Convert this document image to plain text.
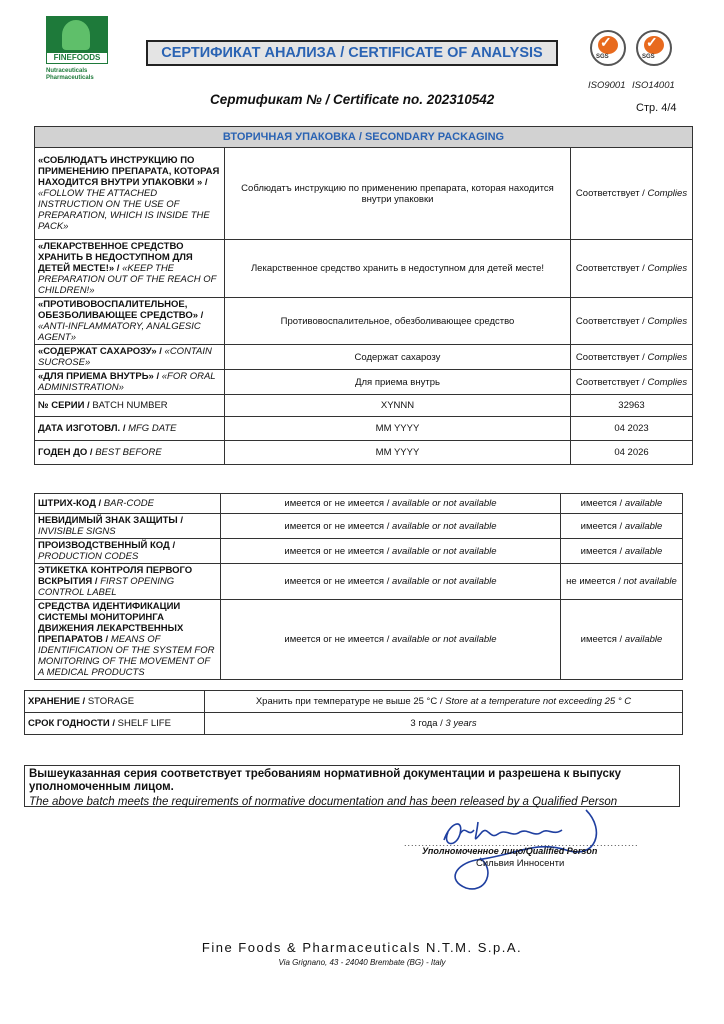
FINEFOODS
Nutraceuticals
Pharmaceuticals
СЕРТИФИКАТ АНАЛИЗА / CERTIFICATE OF ANALYSIS
✓
SGS
✓
SGS
ISO9001 ISO14001
Сертификат № / Certificate no. 202310542
Стр. 4/4
ВТОРИЧНАЯ УПАКОВКА / SECONDARY PACKAGING		
«СОБЛЮДАТЪ ИНСТРУКЦИЮ ПО ПРИМЕНЕНИЮ ПРЕПАРАТА, КОТОРАЯ НАХОДИТСЯ ВНУТРИ УПАКОВКИ » / «FOLLOW THE ATTACHED INSTRUCTION ON THE USE OF PREPARATION, WHICH IS INSIDE THE PACK»	Соблюдатъ инструкцию по применению препарата, которая находится внутри упаковки	Соответствует / Complies
«ЛЕКАРСТВЕННОЕ СРЕДСТВО ХРАНИТЬ В НЕДОСТУПНОМ ДЛЯ ДЕТЕЙ МЕСТЕ!» / «KEEP THE PREPARATION OUT OF THE REACH OF CHILDREN!»	Лекарственное средство хранить в недоступном для детей месте!	Соответствует / Complies
«ПРОТИВОВОСПАЛИТЕЛЬНОЕ, ОБЕЗБОЛИВАЮЩЕЕ СРЕДСТВО» / «ANTI-INFLAMMATORY, ANALGESIC AGENT»	Противовоспалительное, обезболивающее средство	Соответствует / Complies
«СОДЕРЖАТ САХАРОЗУ» / «CONTAIN SUCROSE»	Содержат сахарозу	Соответствует / Complies
«ДЛЯ ПРИЕМА ВНУТРЬ» / «FOR ORAL ADMINISTRATION»	Для приема внутрь	Соответствует / Complies
№ СЕРИИ / BATCH NUMBER	XYNNN	32963
ДАТА ИЗГОТОВЛ. / MFG DATE	MM YYYY	04 2023
ГОДЕН ДО / BEST BEFORE	MM YYYY	04 2026
ШТРИХ-КОД / BAR-CODE	имеется ог не имеется / available or not available	имеется / available
НЕВИДИМЫЙ ЗНАК ЗАЩИТЫ / INVISIBLE SIGNS	имеется ог не имеется / available or not available	имеется / available
ПРОИЗВОДСТВЕННЫЙ КОД / PRODUCTION CODES	имеется ог не имеется / available or not available	имеется / available
ЭТИКЕТКА КОНТРОЛЯ ПЕРВОГО ВСКРЫТИЯ / FIRST OPENING CONTROL LABEL	имеется ог не имеется / available or not available	не имеется / not available
СРЕДСТВА ИДЕНТИФИКАЦИИ СИСТЕМЫ МОНИТОРИНГА ДВИЖЕНИЯ ЛЕКАРСТВЕННЫХ ПРЕПАРАТОВ / MEANS OF IDENTIFICATION OF THE SYSTEM FOR MONITORING OF THE MOVEMENT OF A MEDICAL PRODUCTS	имеется ог не имеется / available or not available	имеется / available
ХРАНЕНИЕ / STORAGE	Хранить при температуре не выше 25 °C / Store at a temperature not exceeding 25 ° C
СРОК ГОДНОСТИ / SHELF LIFE	3 года / 3 years
Вышеуказанная серия соответствует требованиям нормативной документации и разрешена к выпуску уполномоченным лицом.
The above batch meets the requirements of normative documentation and has been released by a Qualified Person
...................................................................
Уполномоченное лицо/Qualified Person
Сильвия Инносенти
Fine Foods & Pharmaceuticals N.T.M. S.p.A.
Via Grignano, 43 - 24040 Brembate (BG) - Italy
